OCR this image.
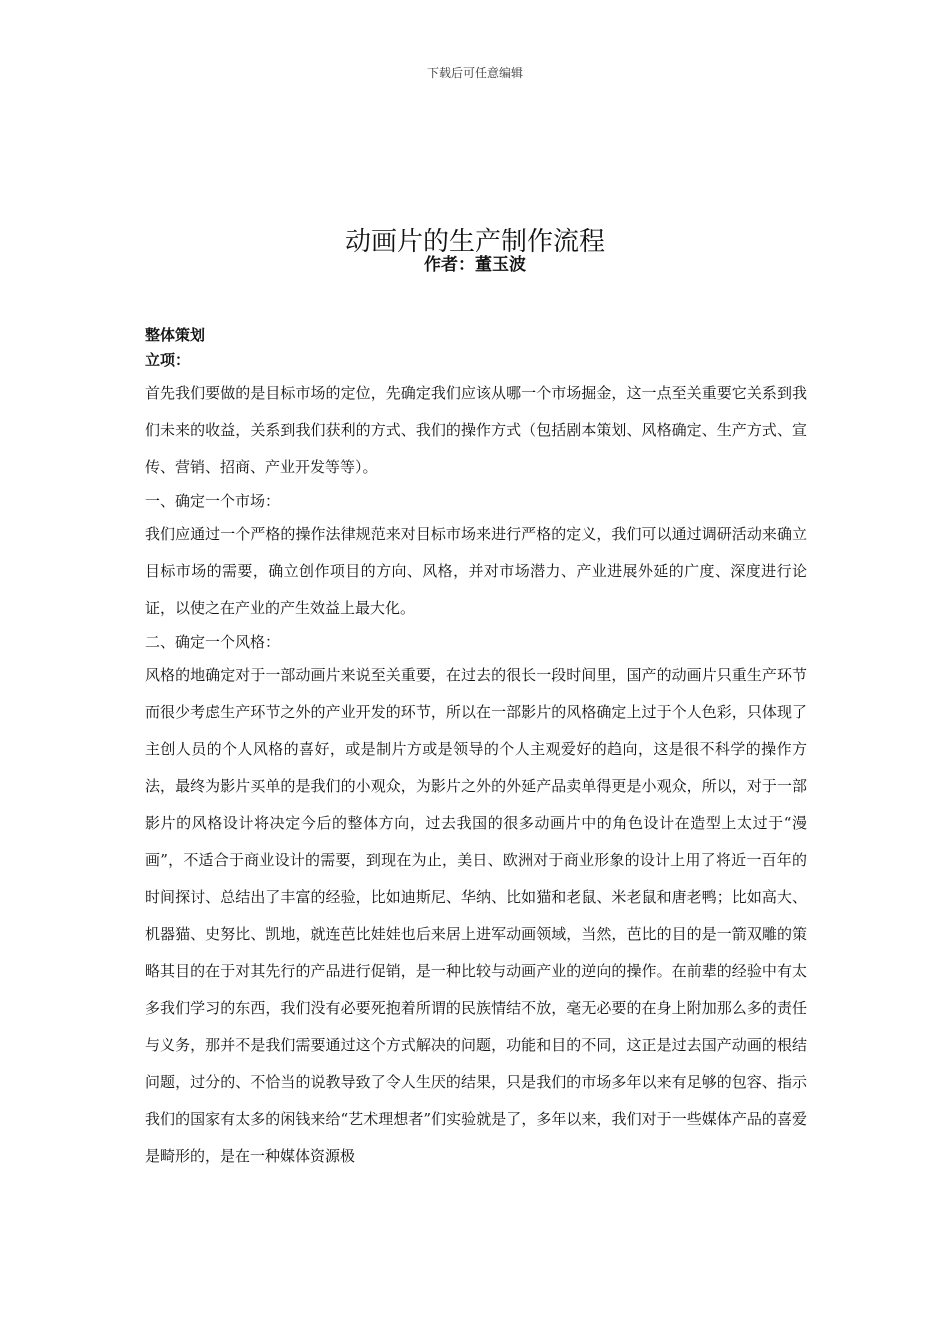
下载后可任意编辑
动画片的生产制作流程
作者：董玉波

整体策划

立项：

首先我们要做的是目标市场的定位，先确定我们应该从哪一个市场掘金，这一点至关重要它关系到我们未来的收益，关系到我们获利的方式、我们的操作方式（包括剧本策划、风格确定、生产方式、宣传、营销、招商、产业开发等等）。

一、确定一个市场：

我们应通过一个严格的操作法律规范来对目标市场来进行严格的定义，我们可以通过调研活动来确立目标市场的需要，确立创作项目的方向、风格，并对市场潜力、产业进展外延的广度、深度进行论证，以使之在产业的产生效益上最大化。

二、确定一个风格：

风格的地确定对于一部动画片来说至关重要，在过去的很长一段时间里，国产的动画片只重生产环节而很少考虑生产环节之外的产业开发的环节，所以在一部影片的风格确定上过于个人色彩，只体现了主创人员的个人风格的喜好，或是制片方或是领导的个人主观爱好的趋向，这是很不科学的操作方法，最终为影片买单的是我们的小观众，为影片之外的外延产品卖单得更是小观众，所以，对于一部影片的风格设计将决定今后的整体方向，过去我国的很多动画片中的角色设计在造型上太过于“漫画”，不适合于商业设计的需要，到现在为止，美日、欧洲对于商业形象的设计上用了将近一百年的时间探讨、总结出了丰富的经验，比如迪斯尼、华纳、比如猫和老鼠、米老鼠和唐老鸭；比如高大、机器猫、史努比、凯地，就连芭比娃娃也后来居上进军动画领域，当然，芭比的目的是一箭双雕的策略其目的在于对其先行的产品进行促销，是一种比较与动画产业的逆向的操作。在前辈的经验中有太多我们学习的东西，我们没有必要死抱着所谓的民族情结不放，毫无必要的在身上附加那么多的责任与义务，那并不是我们需要通过这个方式解决的问题，功能和目的不同，这正是过去国产动画的根结问题，过分的、不恰当的说教导致了令人生厌的结果，只是我们的市场多年以来有足够的包容、指示我们的国家有太多的闲钱来给“艺术理想者”们实验就是了，多年以来，我们对于一些媒体产品的喜爱是畸形的，是在一种媒体资源极
